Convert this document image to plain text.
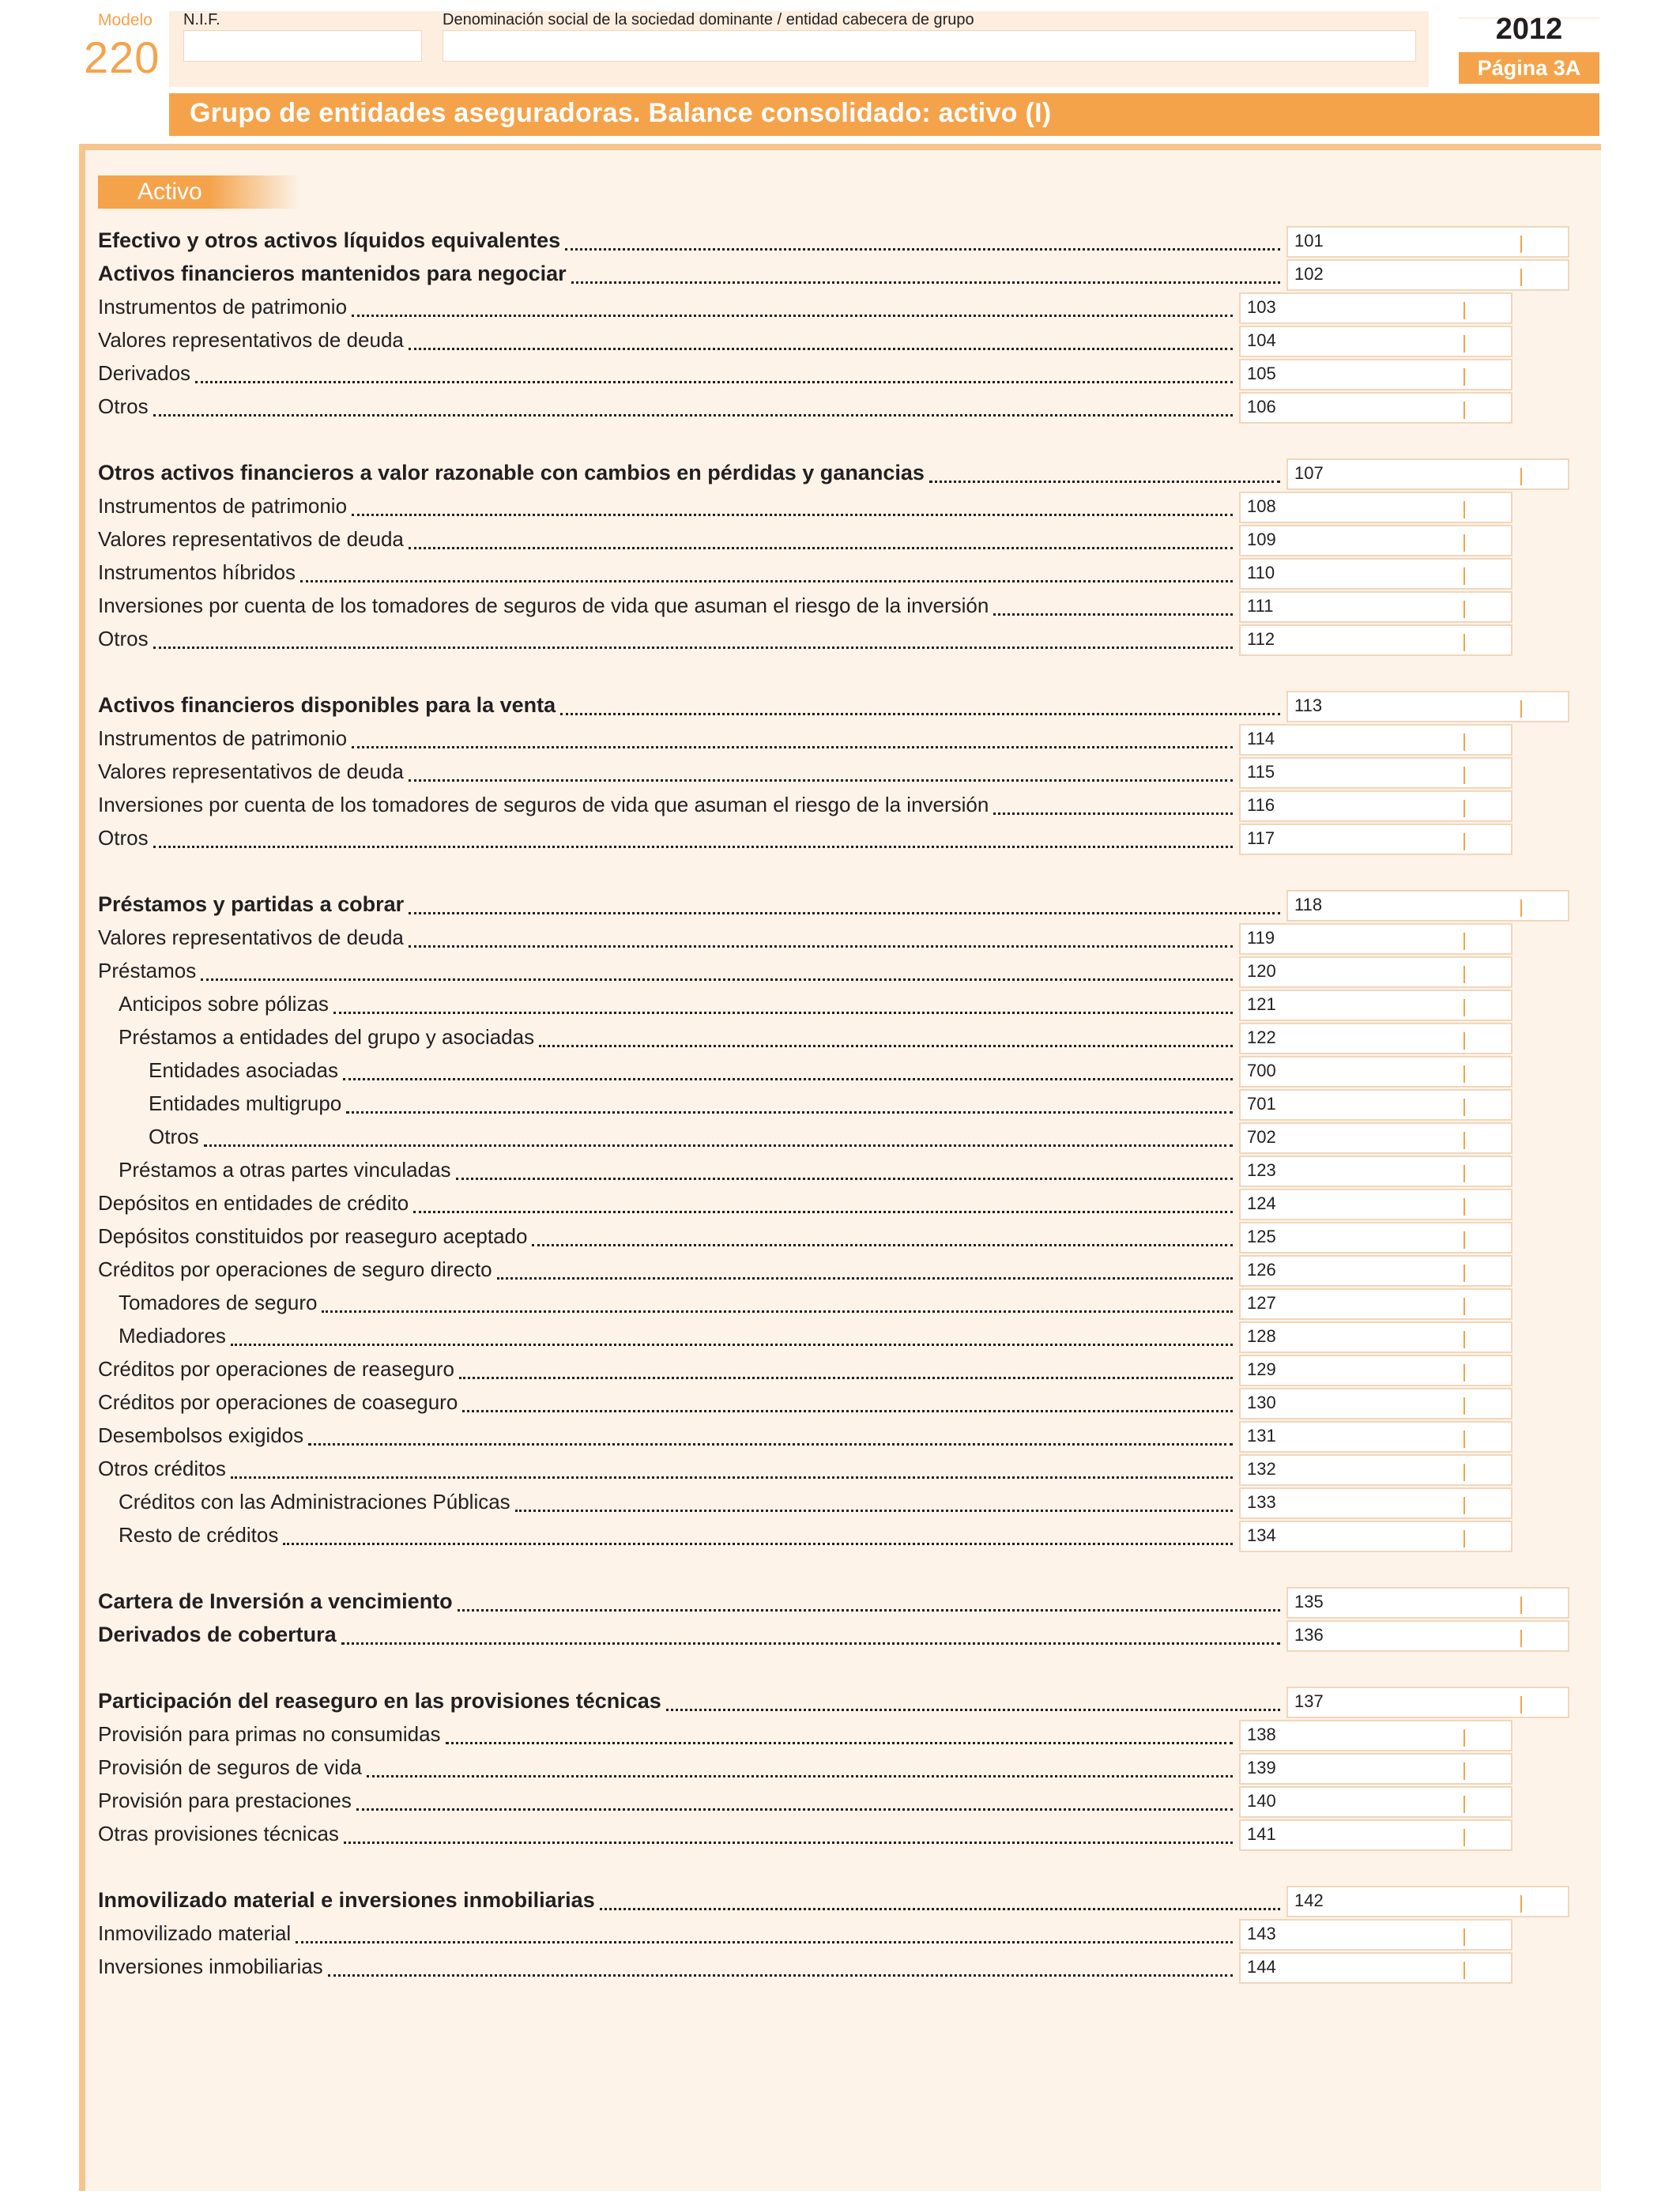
Modelo
220
N.I.F.	Denominación social de la sociedad dominante / entidad cabecera de grupo	2012
Página 3A
Grupo de entidades aseguradoras. Balance consolidado: activo (I)
Activo
Efectivo y otros activos líquidos equivalentes	101
Activos financieros mantenidos para negociar	102
Instrumentos de patrimonio	103
Valores representativos de deuda	104
Derivados	105
Otros	106
Otros activos financieros a valor razonable con cambios en pérdidas y ganancias	107
Instrumentos de patrimonio	108
Valores representativos de deuda	109
Instrumentos híbridos	110
Inversiones por cuenta de los tomadores de seguros de vida que asuman el riesgo de la inversión	111
Otros	112
Activos financieros disponibles para la venta	113
Instrumentos de patrimonio	114
Valores representativos de deuda	115
Inversiones por cuenta de los tomadores de seguros de vida que asuman el riesgo de la inversión	116
Otros	117
Préstamos y partidas a cobrar	118
Valores representativos de deuda	119
Préstamos	120
Anticipos sobre pólizas	121
Préstamos a entidades del grupo y asociadas	122
Entidades asociadas	700
Entidades multigrupo	701
Otros	702
Préstamos a otras partes vinculadas	123
Depósitos en entidades de crédito	124
Depósitos constituidos por reaseguro aceptado	125
Créditos por operaciones de seguro directo	126
Tomadores de seguro	127
Mediadores	128
Créditos por operaciones de reaseguro	129
Créditos por operaciones de coaseguro	130
Desembolsos exigidos	131
Otros créditos	132
Créditos con las Administraciones Públicas	133
Resto de créditos	134
Cartera de Inversión a vencimiento	135
Derivados de cobertura	136
Participación del reaseguro en las provisiones técnicas	137
Provisión para primas no consumidas	138
Provisión de seguros de vida	139
Provisión para prestaciones	140
Otras provisiones técnicas	141
Inmovilizado material e inversiones inmobiliarias	142
Inmovilizado material	143
Inversiones inmobiliarias	144
